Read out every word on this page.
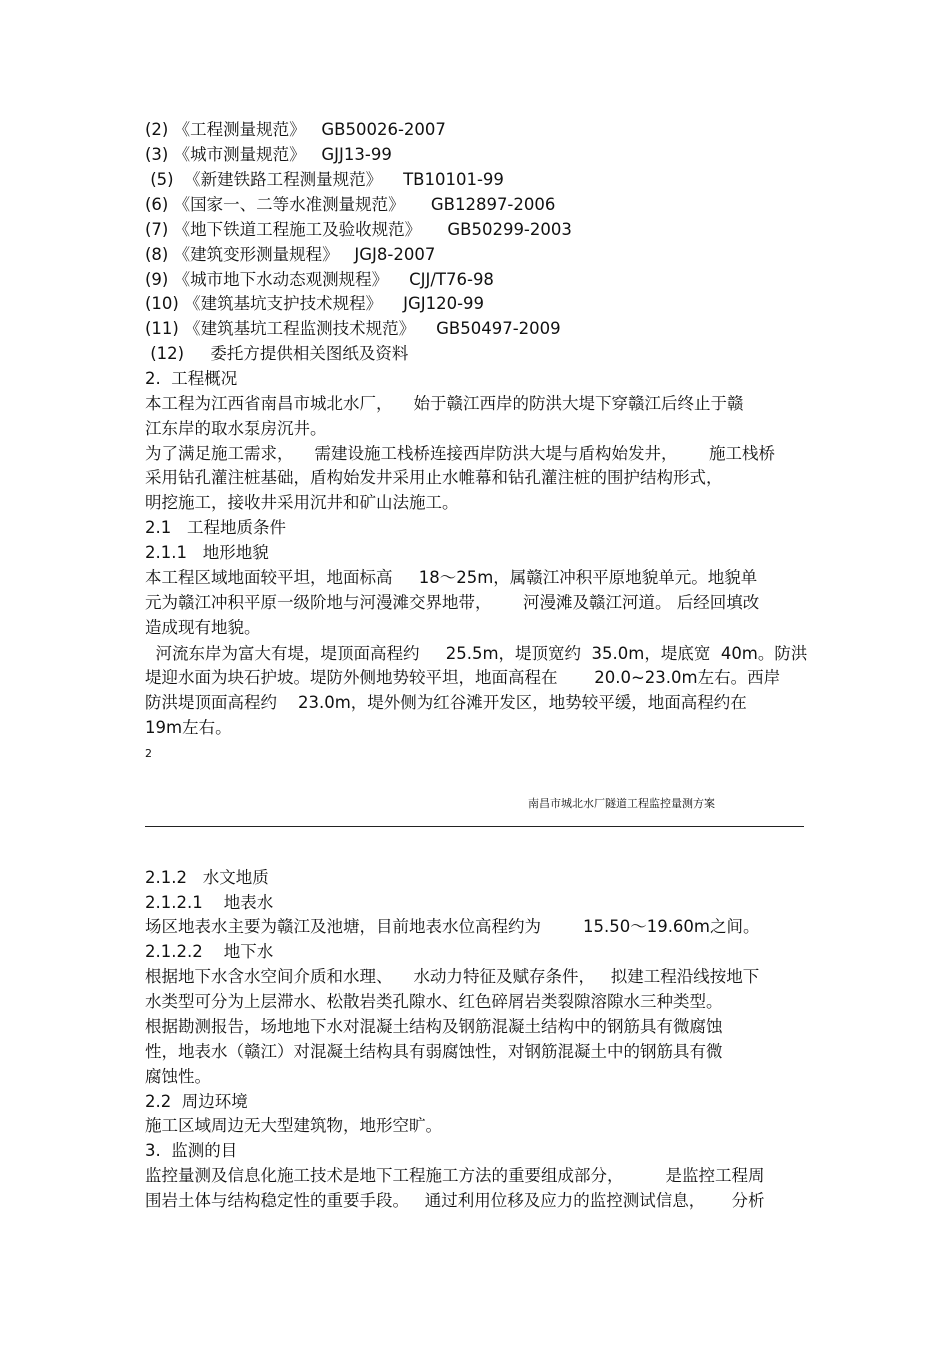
(2) 《工程测量规范》   GB50026-2007

(3) 《城市测量规范》   GJJ13-99

(5)  《新建铁路工程测量规范》    TB10101-99

(6) 《国家一、二等水准测量规范》     GB12897-2006

(7) 《地下铁道工程施工及验收规范》     GB50299-2003

(8) 《建筑变形测量规程》   JGJ8-2007

(9) 《城市地下水动态观测规程》    CJJ/T76-98

(10) 《建筑基坑支护技术规程》    JGJ120-99

(11) 《建筑基坑工程监测技术规范》    GB50497-2009

(12)     委托方提供相关图纸及资料

2.  工程概况

本工程为江西省南昌市城北水厂，    始于赣江西岸的防洪大堤下穿赣江后终止于赣

江东岸的取水泵房沉井。

为了满足施工需求，    需建设施工栈桥连接西岸防洪大堤与盾构始发井，      施工栈桥

采用钻孔灌注桩基础，盾构始发井采用止水帷幕和钻孔灌注桩的围护结构形式，

明挖施工，接收井采用沉井和矿山法施工。

2.1   工程地质条件

2.1.1   地形地貌

本工程区域地面较平坦，地面标高     18～25m，属赣江冲积平原地貌单元。地貌单

元为赣江冲积平原一级阶地与河漫滩交界地带，      河漫滩及赣江河道。 后经回填改

造成现有地貌。

河流东岸为富大有堤，堤顶面高程约     25.5m，堤顶宽约  35.0m，堤底宽  40m。防洪

堤迎水面为块石护坡。堤防外侧地势较平坦，地面高程在       20.0~23.0m左右。西岸

防洪堤顶面高程约    23.0m，堤外侧为红谷滩开发区，地势较平缓，地面高程约在

19m左右。

2
南昌市城北水厂隧道工程监控量测方案

2.1.2   水文地质

2.1.2.1    地表水

场区地表水主要为赣江及池塘，目前地表水位高程约为        15.50～19.60m之间。

2.1.2.2    地下水

根据地下水含水空间介质和水理、    水动力特征及赋存条件，   拟建工程沿线按地下

水类型可分为上层滞水、松散岩类孔隙水、红色碎屑岩类裂隙溶隙水三种类型。

根据勘测报告，场地地下水对混凝土结构及钢筋混凝土结构中的钢筋具有微腐蚀

性，地表水（赣江）对混凝土结构具有弱腐蚀性，对钢筋混凝土中的钢筋具有微

腐蚀性。

2.2  周边环境

施工区域周边无大型建筑物，地形空旷。

3.  监测的目

监控量测及信息化施工技术是地下工程施工方法的重要组成部分，        是监控工程周

围岩土体与结构稳定性的重要手段。   通过利用位移及应力的监控测试信息，     分析
